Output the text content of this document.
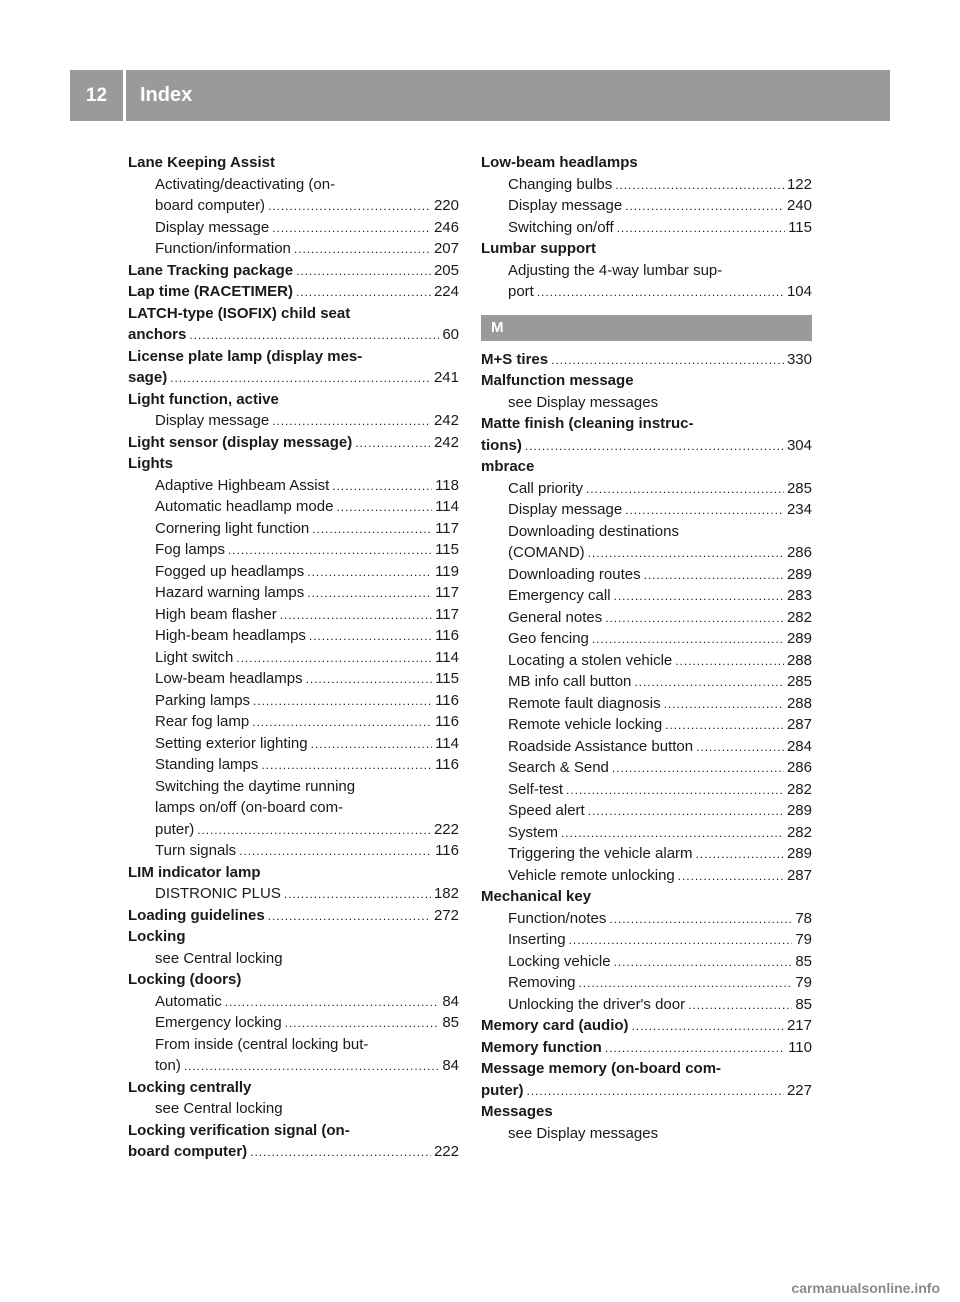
12	Index
Lane Keeping Assist
Activating/deactivating (on-
board computer) . . .	220
Display message . . .	246
Function/information . . .	207
Lane Tracking package . . .	205
Lap time (RACETIMER) . . .	224
LATCH-type (ISOFIX) child seat
anchors . . .	60
License plate lamp (display mes-
sage) . . .	241
Light function, active
Display message . . .	242
Light sensor (display message) . . .	242
Lights
Adaptive Highbeam Assist . . .	118
Automatic headlamp mode . . .	114
Cornering light function . . .	117
Fog lamps . . .	115
Fogged up headlamps . . .	119
Hazard warning lamps . . .	117
High beam flasher . . .	117
High-beam headlamps . . .	116
Light switch . . .	114
Low-beam headlamps . . .	115
Parking lamps . . .	116
Rear fog lamp . . .	116
Setting exterior lighting . . .	114
Standing lamps . . .	116
Switching the daytime running
lamps on/off (on-board com-
puter) . . .	222
Turn signals . . .	116
LIM indicator lamp
DISTRONIC PLUS . . .	182
Loading guidelines . . .	272
Locking
see Central locking
Locking (doors)
Automatic . . .	84
Emergency locking . . .	85
From inside (central locking but-
ton) . . .	84
Locking centrally
see Central locking
Locking verification signal (on-
board computer) . . .	222
Low-beam headlamps
Changing bulbs . . .	122
Display message . . .	240
Switching on/off . . .	115
Lumbar support
Adjusting the 4-way lumbar sup-
port . . .	104
M
M+S tires . . .	330
Malfunction message
see Display messages
Matte finish (cleaning instruc-
tions) . . .	304
mbrace
Call priority . . .	285
Display message . . .	234
Downloading destinations
(COMAND) . . .	286
Downloading routes . . .	289
Emergency call . . .	283
General notes . . .	282
Geo fencing . . .	289
Locating a stolen vehicle . . .	288
MB info call button . . .	285
Remote fault diagnosis . . .	288
Remote vehicle locking . . .	287
Roadside Assistance button . . .	284
Search & Send . . .	286
Self-test . . .	282
Speed alert . . .	289
System . . .	282
Triggering the vehicle alarm . . .	289
Vehicle remote unlocking . . .	287
Mechanical key
Function/notes . . .	78
Inserting . . .	79
Locking vehicle . . .	85
Removing . . .	79
Unlocking the driver's door . . .	85
Memory card (audio) . . .	217
Memory function . . .	110
Message memory (on-board com-
puter) . . .	227
Messages
see Display messages
carmanualsonline.info
